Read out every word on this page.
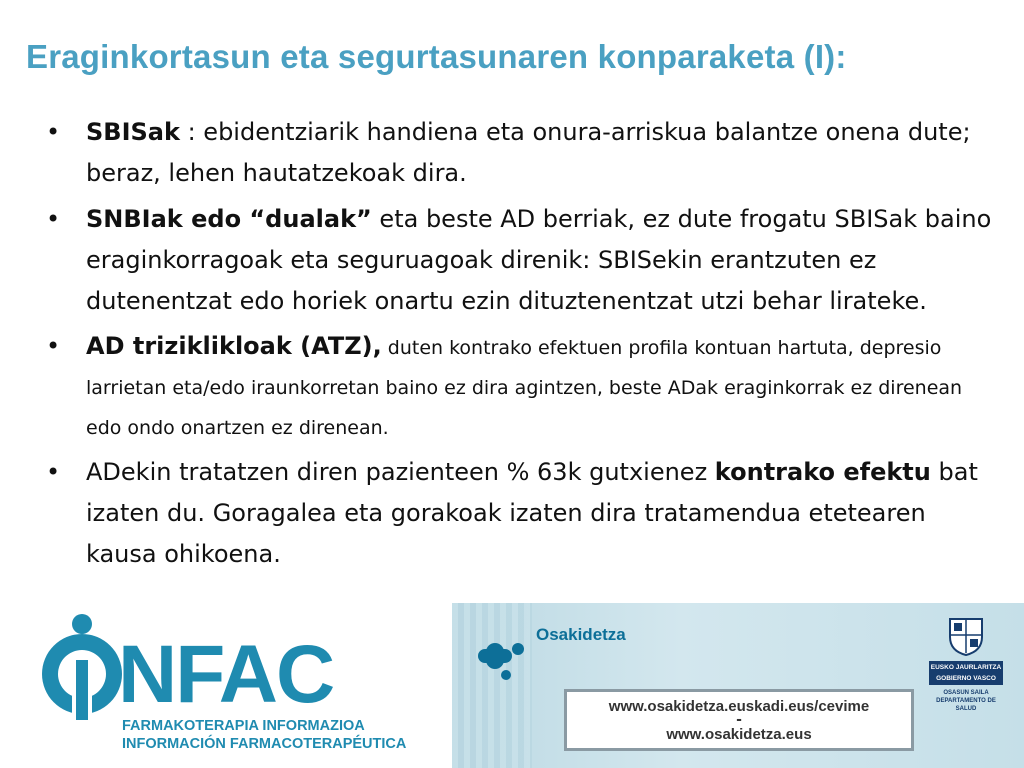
Eraginkortasun eta segurtasunaren konparaketa (I):
• SBISak : ebidentziarik handiena eta onura-arriskua balantze onena dute; beraz, lehen hautatzekoak dira.
• SNBIak edo “dualak” eta beste AD berriak, ez dute frogatu SBISak baino eraginkorragoak eta seguruagoak direnik: SBISekin erantzuten ez dutenentzat edo horiek onartu ezin dituztenentzat utzi behar lirateke.
• AD triziklikloak (ATZ), duten kontrako efektuen profila kontuan hartuta, depresio larrietan eta/edo iraunkorretan baino ez dira agintzen, beste ADak eraginkorrak ez direnean edo ondo onartzen ez direnean.
• ADekin tratatzen diren pazienteen % 63k gutxienez kontrako efektu bat izaten du. Goragalea eta gorakoak izaten dira tratamendua etetearen kausa ohikoena.
NFAC
FARMAKOTERAPIA INFORMAZIOA
INFORMACIÓN FARMACOTERAPÉUTICA
Osakidetza
www.osakidetza.euskadi.eus/cevime
-
www.osakidetza.eus
EUSKO JAURLARITZA
GOBIERNO VASCO
OSASUN SAILA
DEPARTAMENTO DE SALUD
